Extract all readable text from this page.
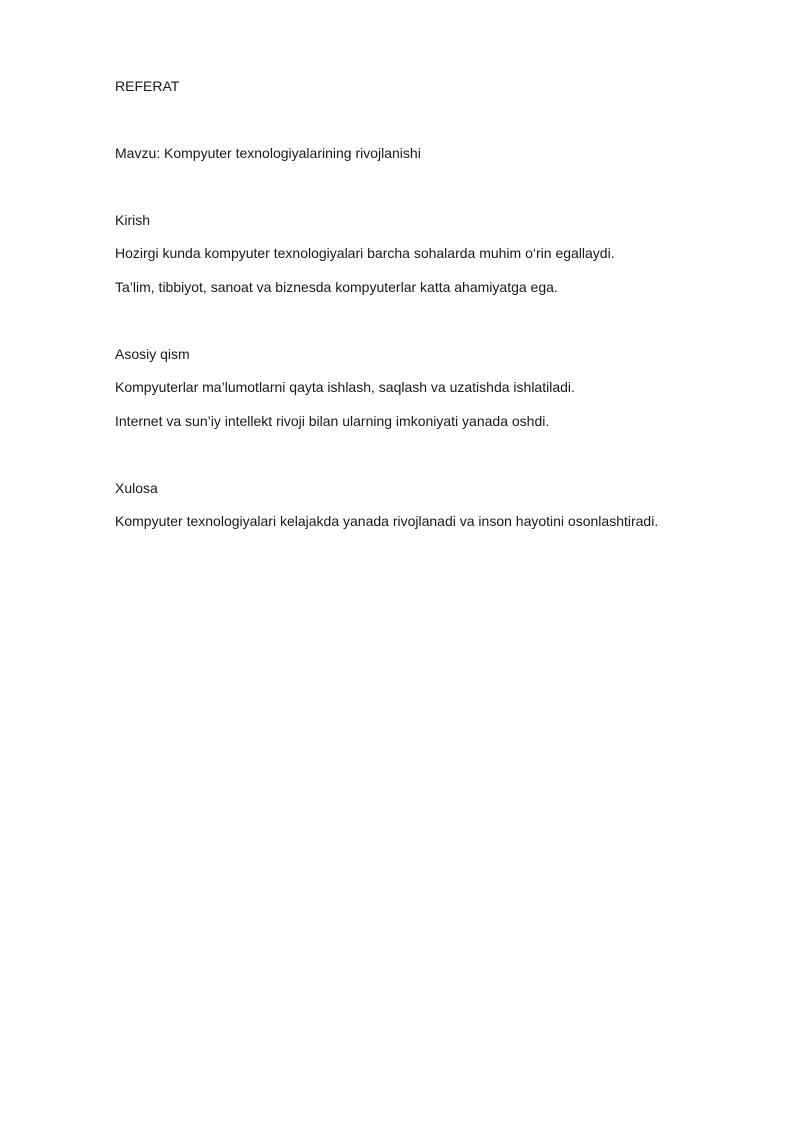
REFERAT

Mavzu: Kompyuter texnologiyalarining rivojlanishi

Kirish

Hozirgi kunda kompyuter texnologiyalari barcha sohalarda muhim o‘rin egallaydi.

Ta’lim, tibbiyot, sanoat va biznesda kompyuterlar katta ahamiyatga ega.

Asosiy qism

Kompyuterlar ma’lumotlarni qayta ishlash, saqlash va uzatishda ishlatiladi.

Internet va sun’iy intellekt rivoji bilan ularning imkoniyati yanada oshdi.

Xulosa

Kompyuter texnologiyalari kelajakda yanada rivojlanadi va inson hayotini osonlashtiradi.
